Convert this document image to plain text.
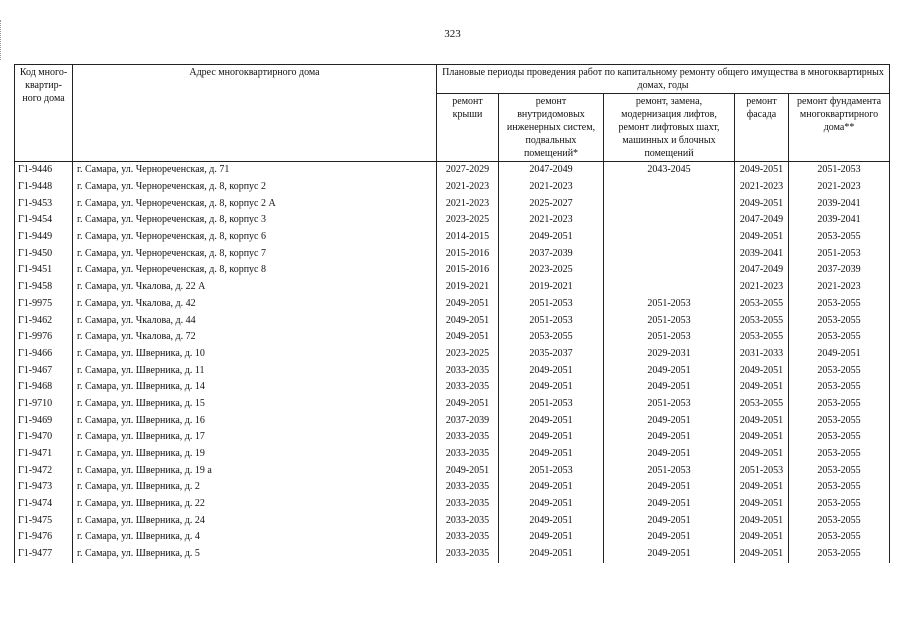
323
Код много-квартир-ного дома	Адрес многоквартирного дома	Плановые периоды проведения работ по капитальному ремонту общего имущества в многоквартирных домах, годы				
		ремонт крыши	ремонт внутридомовых инженерных систем, подвальных помещений*	ремонт, замена, модернизация лифтов, ремонт лифтовых шахт, машинных и блочных помещений	ремонт фасада	ремонт фундамента многоквартирного дома**
Г1-9446	г. Самара, ул. Чернореченская, д. 71	2027-2029	2047-2049	2043-2045	2049-2051	2051-2053
Г1-9448	г. Самара, ул. Чернореченская, д. 8, корпус 2	2021-2023	2021-2023		2021-2023	2021-2023
Г1-9453	г. Самара, ул. Чернореченская, д. 8, корпус 2 А	2021-2023	2025-2027		2049-2051	2039-2041
Г1-9454	г. Самара, ул. Чернореченская, д. 8, корпус 3	2023-2025	2021-2023		2047-2049	2039-2041
Г1-9449	г. Самара, ул. Чернореченская, д. 8, корпус 6	2014-2015	2049-2051		2049-2051	2053-2055
Г1-9450	г. Самара, ул. Чернореченская, д. 8, корпус 7	2015-2016	2037-2039		2039-2041	2051-2053
Г1-9451	г. Самара, ул. Чернореченская, д. 8, корпус 8	2015-2016	2023-2025		2047-2049	2037-2039
Г1-9458	г. Самара, ул. Чкалова, д. 22 А	2019-2021	2019-2021		2021-2023	2021-2023
Г1-9975	г. Самара, ул. Чкалова, д. 42	2049-2051	2051-2053	2051-2053	2053-2055	2053-2055
Г1-9462	г. Самара, ул. Чкалова, д. 44	2049-2051	2051-2053	2051-2053	2053-2055	2053-2055
Г1-9976	г. Самара, ул. Чкалова, д. 72	2049-2051	2053-2055	2051-2053	2053-2055	2053-2055
Г1-9466	г. Самара, ул. Шверника, д. 10	2023-2025	2035-2037	2029-2031	2031-2033	2049-2051
Г1-9467	г. Самара, ул. Шверника, д. 11	2033-2035	2049-2051	2049-2051	2049-2051	2053-2055
Г1-9468	г. Самара, ул. Шверника, д. 14	2033-2035	2049-2051	2049-2051	2049-2051	2053-2055
Г1-9710	г. Самара, ул. Шверника, д. 15	2049-2051	2051-2053	2051-2053	2053-2055	2053-2055
Г1-9469	г. Самара, ул. Шверника, д. 16	2037-2039	2049-2051	2049-2051	2049-2051	2053-2055
Г1-9470	г. Самара, ул. Шверника, д. 17	2033-2035	2049-2051	2049-2051	2049-2051	2053-2055
Г1-9471	г. Самара, ул. Шверника, д. 19	2033-2035	2049-2051	2049-2051	2049-2051	2053-2055
Г1-9472	г. Самара, ул. Шверника, д. 19 а	2049-2051	2051-2053	2051-2053	2051-2053	2053-2055
Г1-9473	г. Самара, ул. Шверника, д. 2	2033-2035	2049-2051	2049-2051	2049-2051	2053-2055
Г1-9474	г. Самара, ул. Шверника, д. 22	2033-2035	2049-2051	2049-2051	2049-2051	2053-2055
Г1-9475	г. Самара, ул. Шверника, д. 24	2033-2035	2049-2051	2049-2051	2049-2051	2053-2055
Г1-9476	г. Самара, ул. Шверника, д. 4	2033-2035	2049-2051	2049-2051	2049-2051	2053-2055
Г1-9477	г. Самара, ул. Шверника, д. 5	2033-2035	2049-2051	2049-2051	2049-2051	2053-2055
